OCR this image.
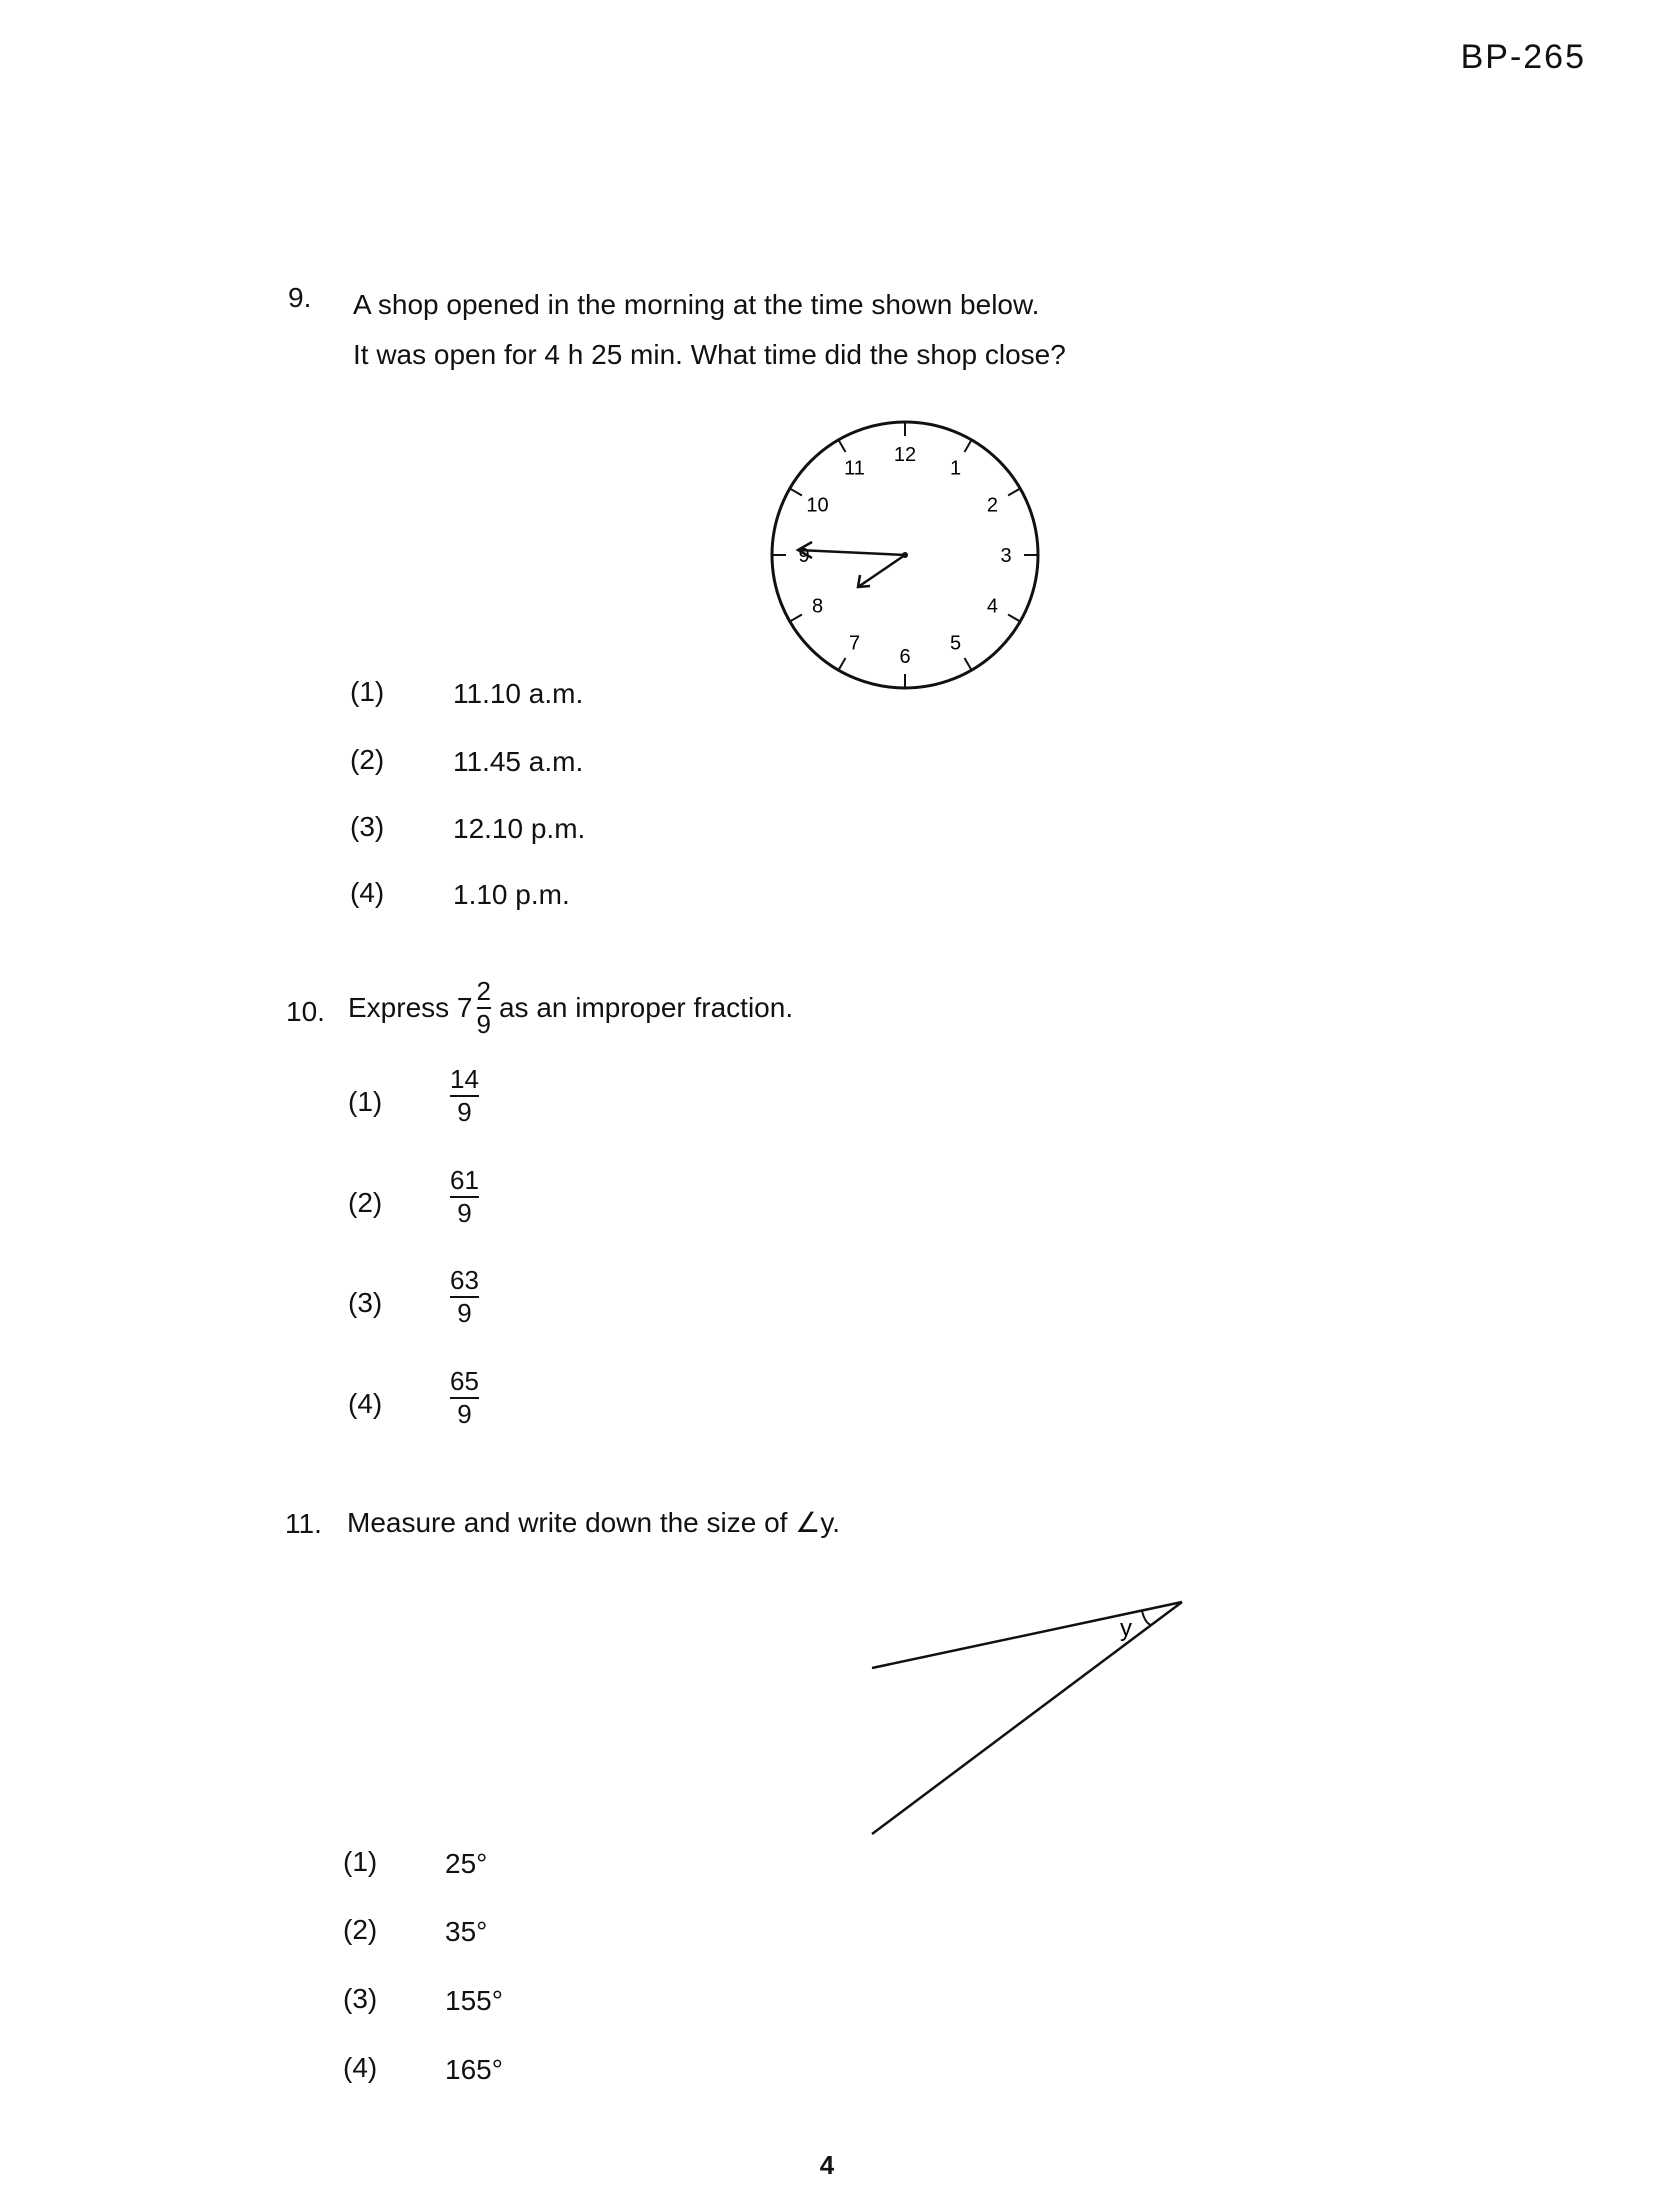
BP-265
9. A shop opened in the morning at the time shown below.
It was open for 4 h 25 min. What time did the shop close?
12
1
2
3
4
5
6
7
8
9
10
11
(1) 11.10 a.m.
(2) 11.45 a.m.
(3) 12.10 p.m.
(4) 1.10 p.m.
10. Express $7 \frac{2}{9}$ as an improper fraction.
(1)
14
9
(2)
61
9
(3)
63
9
(4)
65
9
11. Measure and write down the size of ∠y.
y
(1) 25°
(2) 35°
(3) 155°
(4) 165°
4
